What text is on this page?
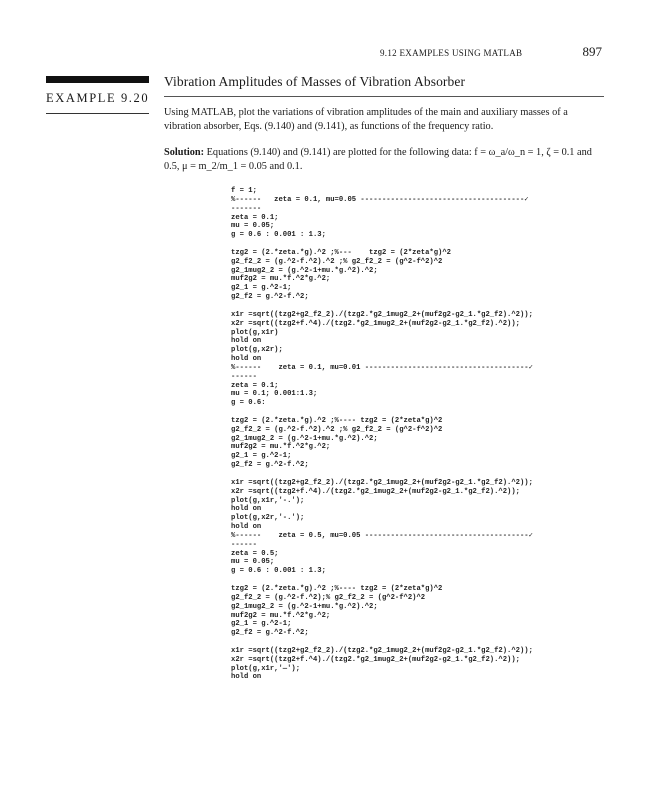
9.12 EXAMPLES USING MATLAB	897
EXAMPLE 9.20
Vibration Amplitudes of Masses of Vibration Absorber
Using MATLAB, plot the variations of vibration amplitudes of the main and auxiliary masses of a vibration absorber, Eqs. (9.140) and (9.141), as functions of the frequency ratio.
Solution: Equations (9.140) and (9.141) are plotted for the following data: f = ω_a/ω_n = 1, ζ = 0.1 and 0.5, μ = m_2/m_1 = 0.05 and 0.1.
f = 1;
%------   zeta = 0.1, mu=0.05 --------------------------------------✓
-------
zeta = 0.1;
mu = 0.05;
g = 0.6 : 0.001 : 1.3;
tzg2 = (2.*zeta.*g).^2 ;%---    tzg2 = (2*zeta*g)^2
g2_f2_2 = (g.^2-f.^2).^2 ;% g2_f2_2 = (g^2-f^2)^2
g2_1mug2_2 = (g.^2-1+mu.*g.^2).^2;
muf2g2 = mu.*f.^2*g.^2;
g2_1 = g.^2-1;
g2_f2 = g.^2-f.^2;
x1r =sqrt((tzg2+g2_f2_2)./(tzg2.*g2_1mug2_2+(muf2g2-g2_1.*g2_f2).^2));
x2r =sqrt((tzg2+f.^4)./(tzg2.*g2_1mug2_2+(muf2g2-g2_1.*g2_f2).^2));
plot(g,x1r)
hold on
plot(g,x2r);
hold on
%------    zeta = 0.1, mu=0.01 --------------------------------------✓
------
zeta = 0.1;
mu = 0.1; 0.001:1.3;
g = 0.6:
tzg2 = (2.*zeta.*g).^2 ;%---- tzg2 = (2*zeta*g)^2
g2_f2_2 = (g.^2-f.^2).^2 ;% g2_f2_2 = (g^2-f^2)^2
g2_1mug2_2 = (g.^2-1+mu.*g.^2).^2;
muf2g2 = mu.*f.^2*g.^2;
g2_1 = g.^2-1;
g2_f2 = g.^2-f.^2;
x1r =sqrt((tzg2+g2_f2_2)./(tzg2.*g2_1mug2_2+(muf2g2-g2_1.*g2_f2).^2));
x2r =sqrt((tzg2+f.^4)./(tzg2.*g2_1mug2_2+(muf2g2-g2_1.*g2_f2).^2));
plot(g,x1r,'-.');
hold on
plot(g,x2r,'-.');
hold on
%------    zeta = 0.5, mu=0.05 --------------------------------------✓
------
zeta = 0.5;
mu = 0.05;
g = 0.6 : 0.001 : 1.3;
tzg2 = (2.*zeta.*g).^2 ;%---- tzg2 = (2*zeta*g)^2
g2_f2_2 = (g.^2-f.^2);% g2_f2_2 = (g^2-f^2)^2
g2_1mug2_2 = (g.^2-1+mu.*g.^2).^2;
muf2g2 = mu.*f.^2*g.^2;
g2_1 = g.^2-1;
g2_f2 = g.^2-f.^2;
x1r =sqrt((tzg2+g2_f2_2)./(tzg2.*g2_1mug2_2+(muf2g2-g2_1.*g2_f2).^2));
x2r =sqrt((tzg2+f.^4)./(tzg2.*g2_1mug2_2+(muf2g2-g2_1.*g2_f2).^2));
plot(g,x1r,'—');
hold on
